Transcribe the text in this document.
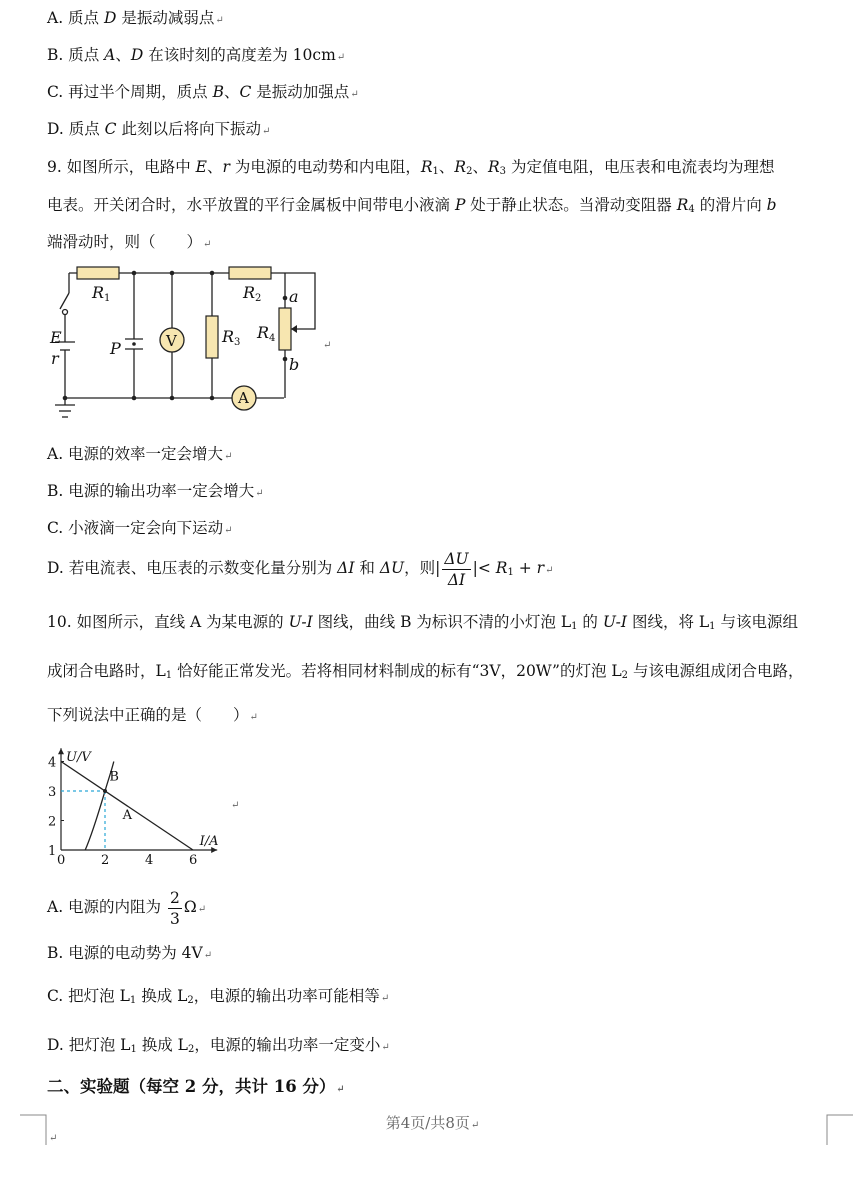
A. 质点 D 是振动减弱点↵
B. 质点 A、D 在该时刻的高度差为 10cm↵
C. 再过半个周期，质点 B、C 是振动加强点↵
D. 质点 C 此刻以后将向下振动↵
9. 如图所示，电路中 E、r 为电源的电动势和内电阻，$R_1$、$R_2$、$R_3$ 为定值电阻，电压表和电流表均为理想
电表。开关闭合时，水平放置的平行金属板中间带电小液滴 P 处于静止状态。当滑动变阻器 $R_4$ 的滑片向 b
端滑动时，则（　　）↵
R1	R2
R3
R4
a
b
E
r
P	V
A
↵
A. 电源的效率一定会增大↵
B. 电源的输出功率一定会增大↵
C. 小液滴一定会向下运动↵
D. 若电流表、电压表的示数变化量分别为 ΔI 和 ΔU，则| $\frac{\Delta U}{\Delta I}$ |< $R_1$ + r↵
10. 如图所示，直线 A 为某电源的 U-I 图线，曲线 B 为标识不清的小灯泡 $L_1$ 的 U-I 图线，将 $L_1$ 与该电源组
成闭合电路时，$L_1$ 恰好能正常发光。若将相同材料制成的标有“3V，20W”的灯泡 $L_2$ 与该电源组成闭合电路，
下列说法中正确的是（　　）↵
0	2	4	6
1
2
3
4 U/V
I/A
B
A
↵
A. 电源的内阻为 $\frac{2}{3}$ Ω↵
B. 电源的电动势为 4V↵
C. 把灯泡 $L_1$ 换成 $L_2$，电源的输出功率可能相等↵
D. 把灯泡 $L_1$ 换成 $L_2$，电源的输出功率一定变小↵
二、实验题（每空 2 分，共计 16 分）↵
第4页/共8页↵
↵
